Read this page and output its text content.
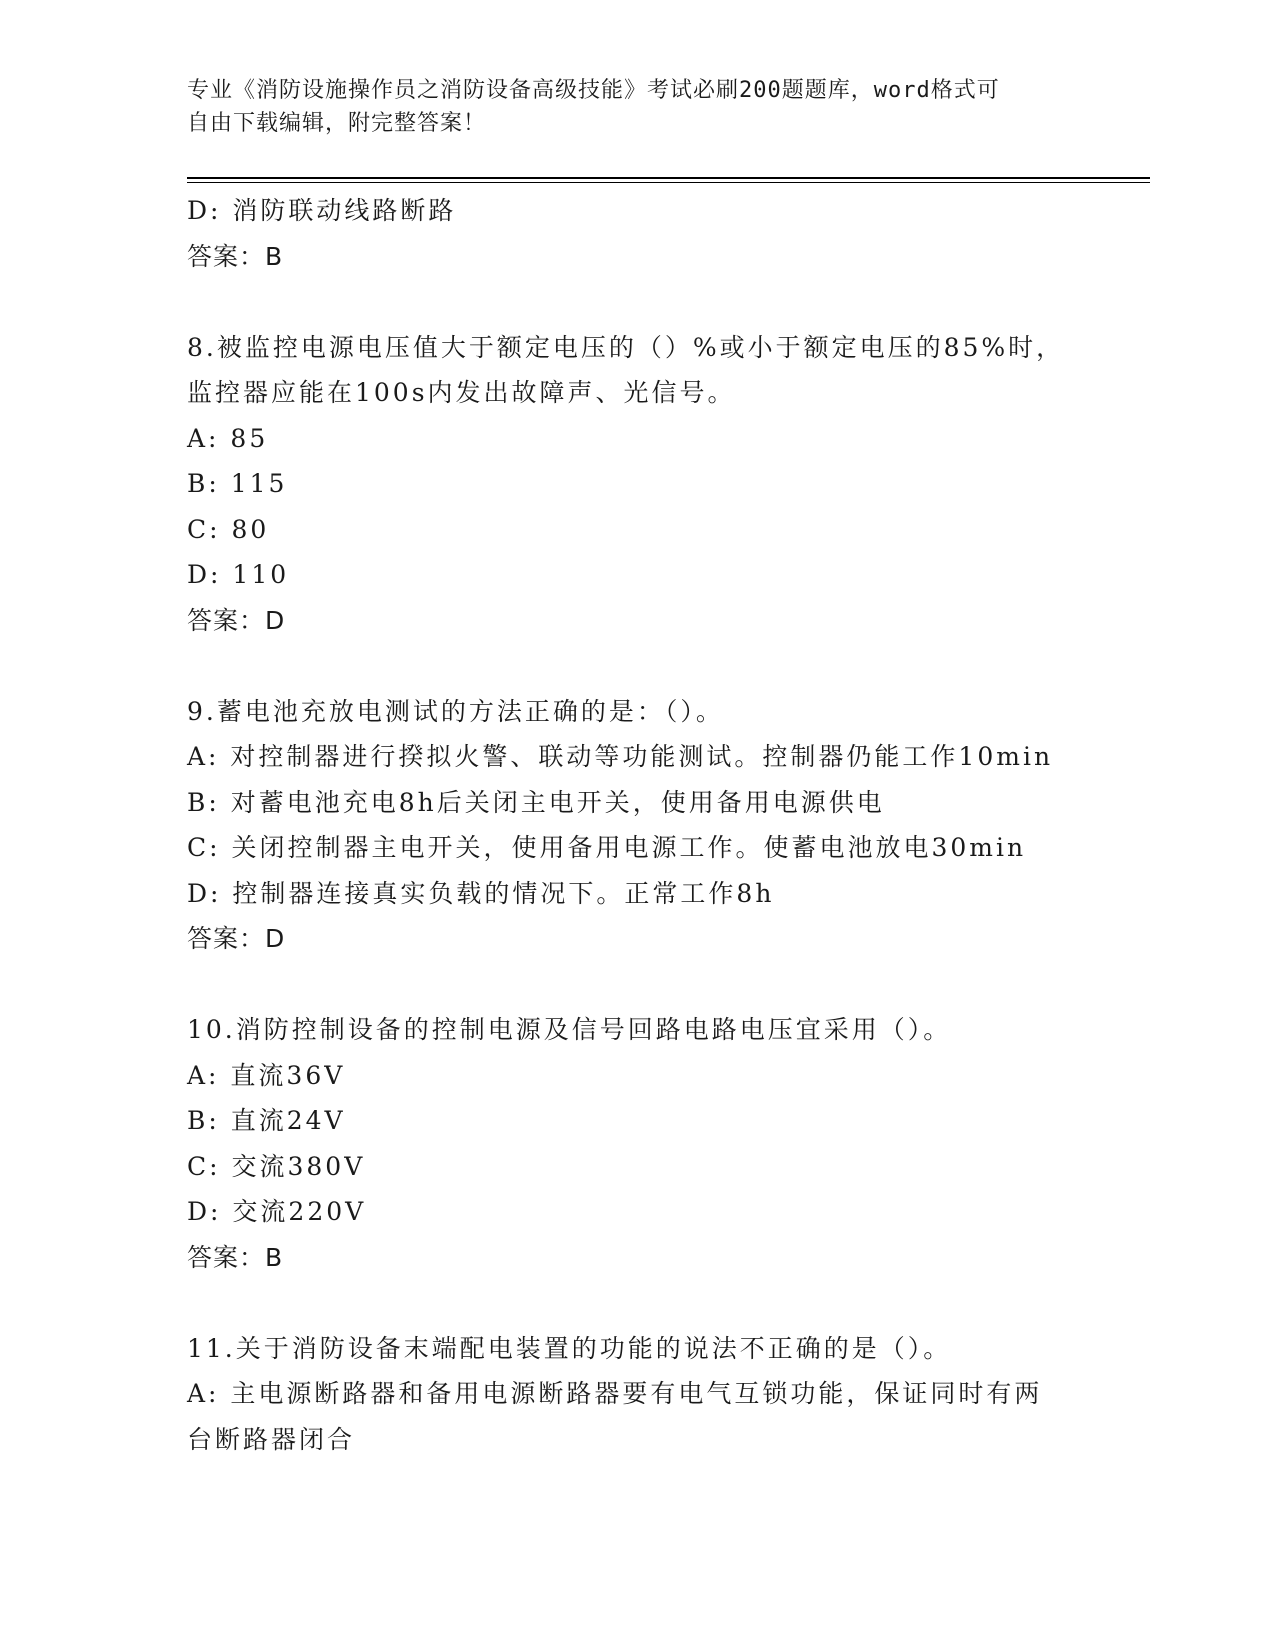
专业《消防设施操作员之消防设备高级技能》考试必刷200题题库，word格式可
自由下载编辑，附完整答案！
D: 消防联动线路断路
答案：B
8.被监控电源电压值大于额定电压的（）%或小于额定电压的85%时，
监控器应能在100s内发出故障声、光信号。
A: 85
B: 115
C: 80
D: 110
答案：D
9.蓄电池充放电测试的方法正确的是：（）。
A: 对控制器进行揆拟火警、联动等功能测试。控制器仍能工作10min
B: 对蓄电池充电8h后关闭主电开关，使用备用电源供电
C: 关闭控制器主电开关，使用备用电源工作。使蓄电池放电30min
D: 控制器连接真实负载的情况下。正常工作8h
答案：D
10.消防控制设备的控制电源及信号回路电路电压宜采用（）。
A: 直流36V
B: 直流24V
C: 交流380V
D: 交流220V
答案：B
11.关于消防设备末端配电装置的功能的说法不正确的是（）。
A: 主电源断路器和备用电源断路器要有电气互锁功能，保证同时有两
台断路器闭合
